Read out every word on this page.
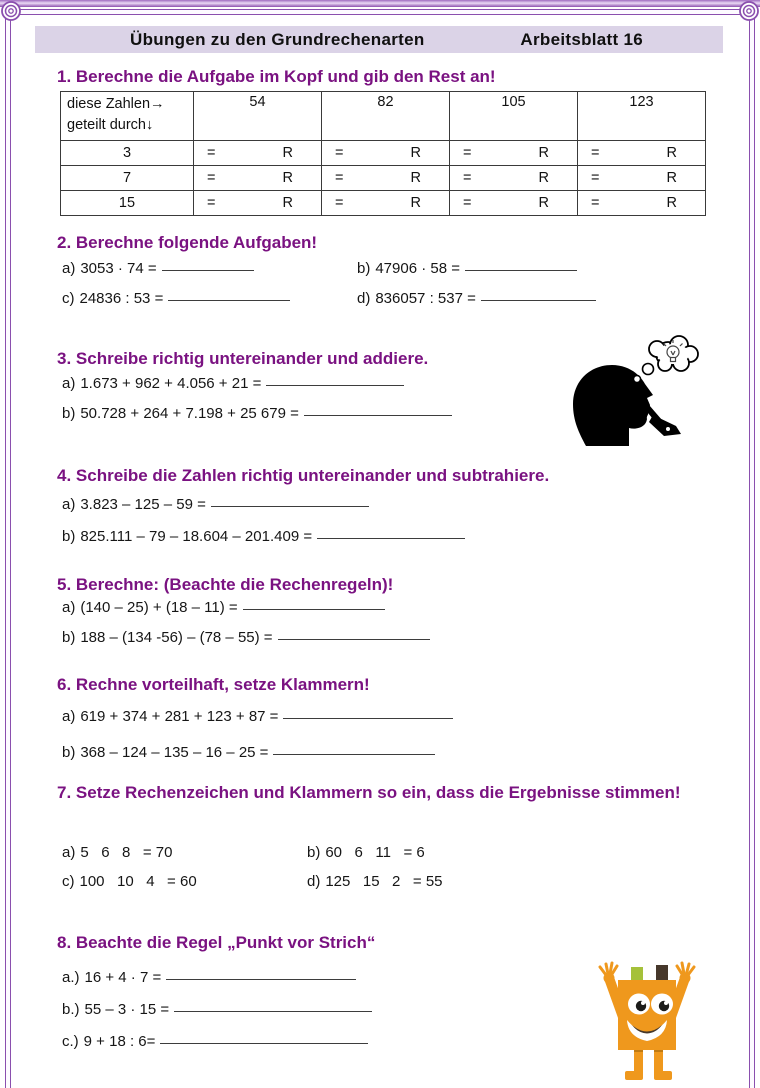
Übungen zu den Grundrechenarten	Arbeitsblatt 16
1. Berechne die Aufgabe im Kopf und gib den Rest an!
diese Zahlen→
geteilt durch↓	54	82	105	123
3	= R	= R	= R	= R

7	= R	= R	= R	= R

15	= R	= R	= R	= R
2. Berechne folgende Aufgaben!
a) 3053 · 74 =	b) 47906 · 58 =
c) 24836 : 53 =	d) 836057 : 537 =
3. Schreibe richtig untereinander und addiere.
a) 1.673 + 962 + 4.056 + 21 =
b) 50.728 + 264 + 7.198 + 25 679 =
4. Schreibe die Zahlen richtig untereinander und subtrahiere.
a) 3.823 – 125 – 59 =
b) 825.111 – 79 – 18.604 – 201.409 =
5. Berechne: (Beachte die Rechenregeln)!
a) (140 – 25) + (18 – 11) =
b) 188 – (134 -56) – (78 – 55) =
6. Rechne vorteilhaft, setze Klammern!
a) 619 + 374 + 281 + 123 + 87 =
b) 368 – 124 – 135 – 16 – 25 =
7. Setze Rechenzeichen und Klammern so ein, dass die Ergebnisse stimmen!
a) 5   6   8   = 70	b) 60   6   11   = 6
c) 100   10   4   = 60	d) 125   15   2   = 55
8. Beachte die Regel „Punkt vor Strich“
a.) 16 + 4 · 7 =
b.) 55 – 3 · 15 =
c.) 9 + 18 : 6=
